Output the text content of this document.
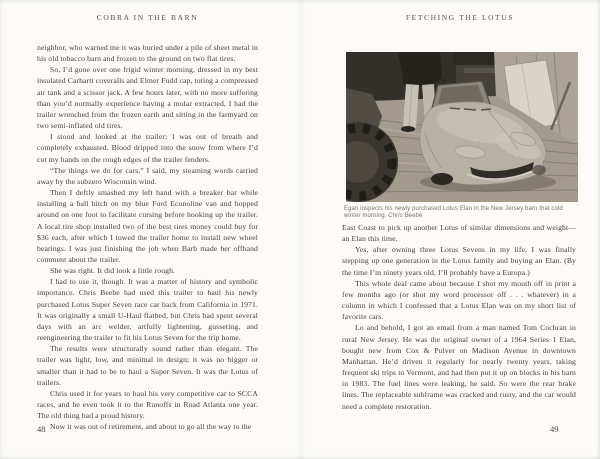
COBRA IN THE BARN

neighbor, who warned me it was buried under a pile of sheet metal in his old tobacco barn and frozen to the ground on two flat tires.

So, I’d gone over one frigid winter morning, dressed in my best insulated Carhartt coveralls and Elmer Fudd cap, toting a compressed air tank and a scissor jack. A few hours later, with no more suffering than you’d normally experience having a molar extracted, I had the trailer wrenched from the frozen earth and sitting in the farmyard on two semi-inflated old tires.

I stood and looked at the trailer; I was out of breath and completely exhausted. Blood dripped into the snow from where I’d cut my hands on the rough edges of the trailer fenders.

“The things we do for cars,” I said, my steaming words carried away by the subzero Wisconsin wind.

Then I deftly smashed my left hand with a breaker bar while installing a ball hitch on my blue Ford Econoline van and hopped around on one foot to facilitate cursing before hooking up the trailer. A local tire shop installed two of the best tires money could buy for $36 each, after which I towed the trailer home to install new wheel bearings. I was just finishing the job when Barb made her offhand comment about the trailer.

She was right. It did look a little rough.

I had to use it, though. It was a matter of history and symbolic importance. Chris Beebe had used this trailer to haul his newly purchased Lotus Super Seven race car back from California in 1971. It was originally a small U-Haul flatbed, but Chris had spent several days with an arc welder, artfully lightening, gusseting, and reengineering the trailer to fit his Lotus Seven for the trip home.

The results were structurally sound rather than elegant. The trailer was light, low, and minimal in design; it was no bigger or smaller than it had to be to haul a Super Seven. It was the Lotus of trailers.

Chris used it for years to haul his very competitive car to SCCA races, and he even took it to the Runoffs in Road Atlanta one year. The old thing had a proud history.

Now it was out of retirement, and about to go all the way to the

48
FETCHING THE LOTUS
Egan inspects his newly purchased Lotus Elan in the New Jersey barn that cold winter morning. Chris Beebe

East Coast to pick up another Lotus of similar dimensions and weight—an Elan this time.

Yes, after owning three Lotus Sevens in my life, I was finally stepping up one generation in the Lotus family and buying an Elan. (By the time I’m ninety years old, I’ll probably have a Europa.)

This whole deal came about because I shot my mouth off in print a few months ago (or shot my word processor off . . . whatever) in a column in which I confessed that a Lotus Elan was on my short list of favorite cars.

Lo and behold, I got an email from a man named Tom Cochran in rural New Jersey. He was the original owner of a 1964 Series 1 Elan, bought new from Cox & Pulver on Madison Avenue in downtown Manhattan. He’d driven it regularly for nearly twenty years, taking frequent ski trips to Vermont, and had then put it up on blocks in his barn in 1983. The fuel lines were leaking, he said. So were the rear brake lines. The replaceable subframe was cracked and rusty, and the car would need a complete restoration.

49
